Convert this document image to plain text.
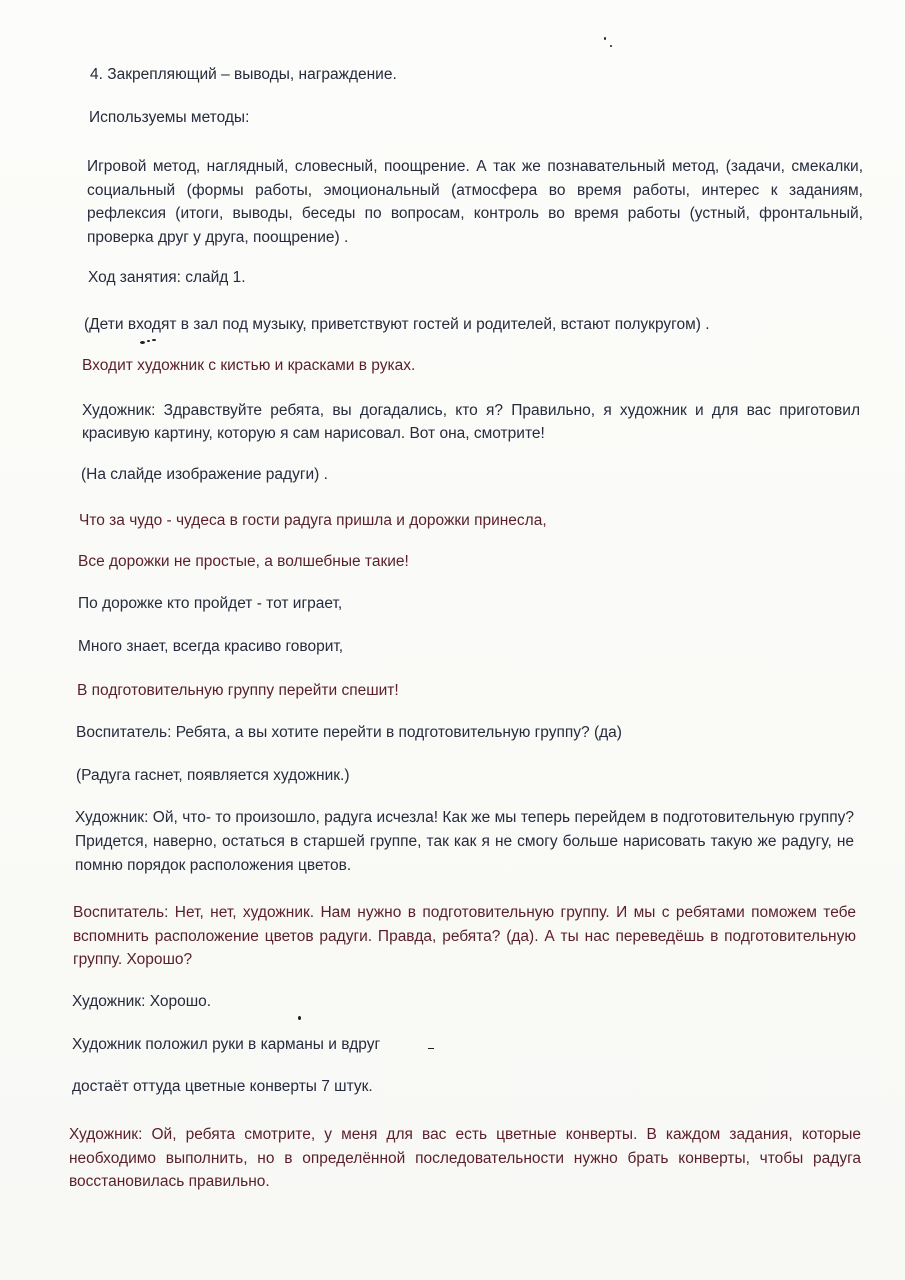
4. Закрепляющий – выводы, награждение.

Используемы методы:

Игровой метод, наглядный, словесный, поощрение. А так же познавательный метод, (задачи, смекалки, социальный (формы работы, эмоциональный (атмосфера во время работы, интерес к заданиям, рефлексия (итоги, выводы, беседы по вопросам, контроль во время работы (устный, фронтальный, проверка друг у друга, поощрение) .

Ход занятия: слайд 1.

(Дети входят в зал под музыку, приветствуют гостей и родителей, встают полукругом) .

Входит художник с кистью и красками в руках.

Художник: Здравствуйте ребята, вы догадались, кто я? Правильно, я художник и для вас приготовил красивую картину, которую я сам нарисовал. Вот она, смотрите!

(На слайде изображение радуги) .

Что за чудо - чудеса в гости радуга пришла и дорожки принесла,

Все дорожки не простые, а волшебные такие!

По дорожке кто пройдет - тот играет,

Много знает, всегда красиво говорит,

В подготовительную группу перейти спешит!

Воспитатель: Ребята, а вы хотите перейти в подготовительную группу? (да)

(Радуга гаснет, появляется художник.)

Художник: Ой, что- то произошло, радуга исчезла! Как же мы теперь перейдем в подготовительную группу? Придется, наверно, остаться в старшей группе, так как я не смогу больше нарисовать такую же радугу, не помню порядок расположения цветов.

Воспитатель: Нет, нет, художник. Нам нужно в подготовительную группу. И мы с ребятами поможем тебе вспомнить расположение цветов радуги. Правда, ребята? (да). А ты нас переведёшь в подготовительную группу. Хорошо?

Художник: Хорошо.

Художник положил руки в карманы и вдруг

достаёт оттуда цветные конверты 7 штук.

Художник: Ой, ребята смотрите, у меня для вас есть цветные конверты. В каждом задания, которые необходимо выполнить, но в определённой последовательности нужно брать конверты, чтобы радуга восстановилась правильно.
